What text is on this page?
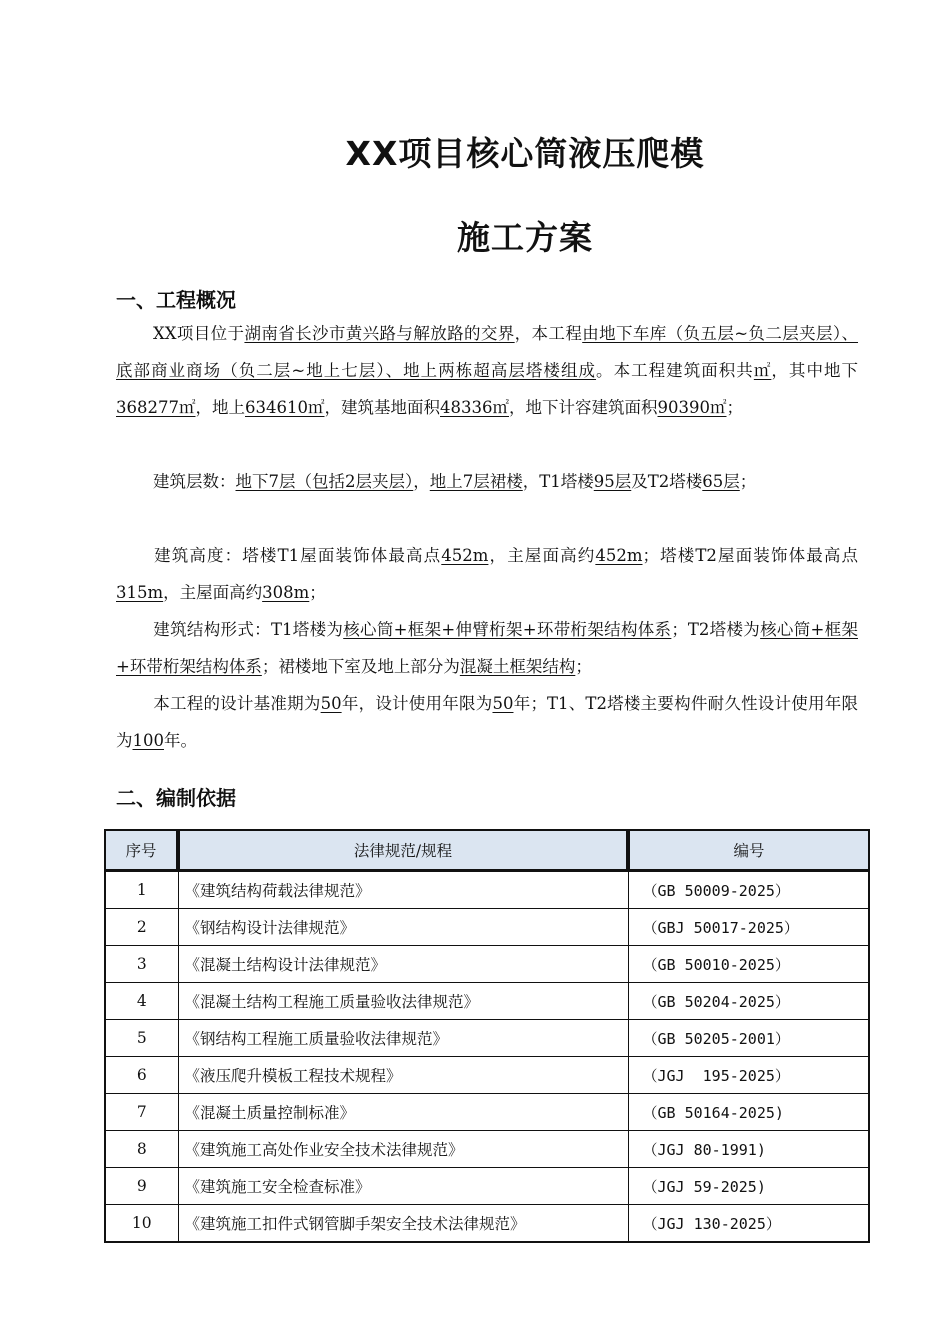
XX项目核心筒液压爬模
施工方案
一、工程概况

XX项目位于湖南省长沙市黄兴路与解放路的交界，本工程由地下车库（负五层~负二层夹层）、底部商业商场（负二层~地上七层）、地上两栋超高层塔楼组成。本工程建筑面积共㎡，其中地下368277㎡，地上634610㎡，建筑基地面积48336㎡，地下计容建筑面积90390㎡；

建筑层数：地下7层（包括2层夹层），地上7层裙楼，T1塔楼95层及T2塔楼65层；

建筑高度：塔楼T1屋面装饰体最高点452m，主屋面高约452m；塔楼T2屋面装饰体最高点315m，主屋面高约308m；

建筑结构形式：T1塔楼为核心筒+框架+伸臂桁架+环带桁架结构体系；T2塔楼为核心筒+框架+环带桁架结构体系；裙楼地下室及地上部分为混凝土框架结构；

本工程的设计基准期为50年，设计使用年限为50年；T1、T2塔楼主要构件耐久性设计使用年限为100年。

二、编制依据
序号	法律规范/规程	编号
1	《建筑结构荷载法律规范》	（GB 50009-2025）
2	《钢结构设计法律规范》	（GBJ 50017-2025）
3	《混凝土结构设计法律规范》	（GB 50010-2025）
4	《混凝土结构工程施工质量验收法律规范》	（GB 50204-2025）
5	《钢结构工程施工质量验收法律规范》	（GB 50205-2001）
6	《液压爬升模板工程技术规程》	（JGJ  195-2025）
7	《混凝土质量控制标准》	（GB 50164-2025)
8	《建筑施工高处作业安全技术法律规范》	（JGJ 80-1991)
9	《建筑施工安全检查标准》	（JGJ 59-2025)
10	《建筑施工扣件式钢管脚手架安全技术法律规范》	（JGJ 130-2025）
